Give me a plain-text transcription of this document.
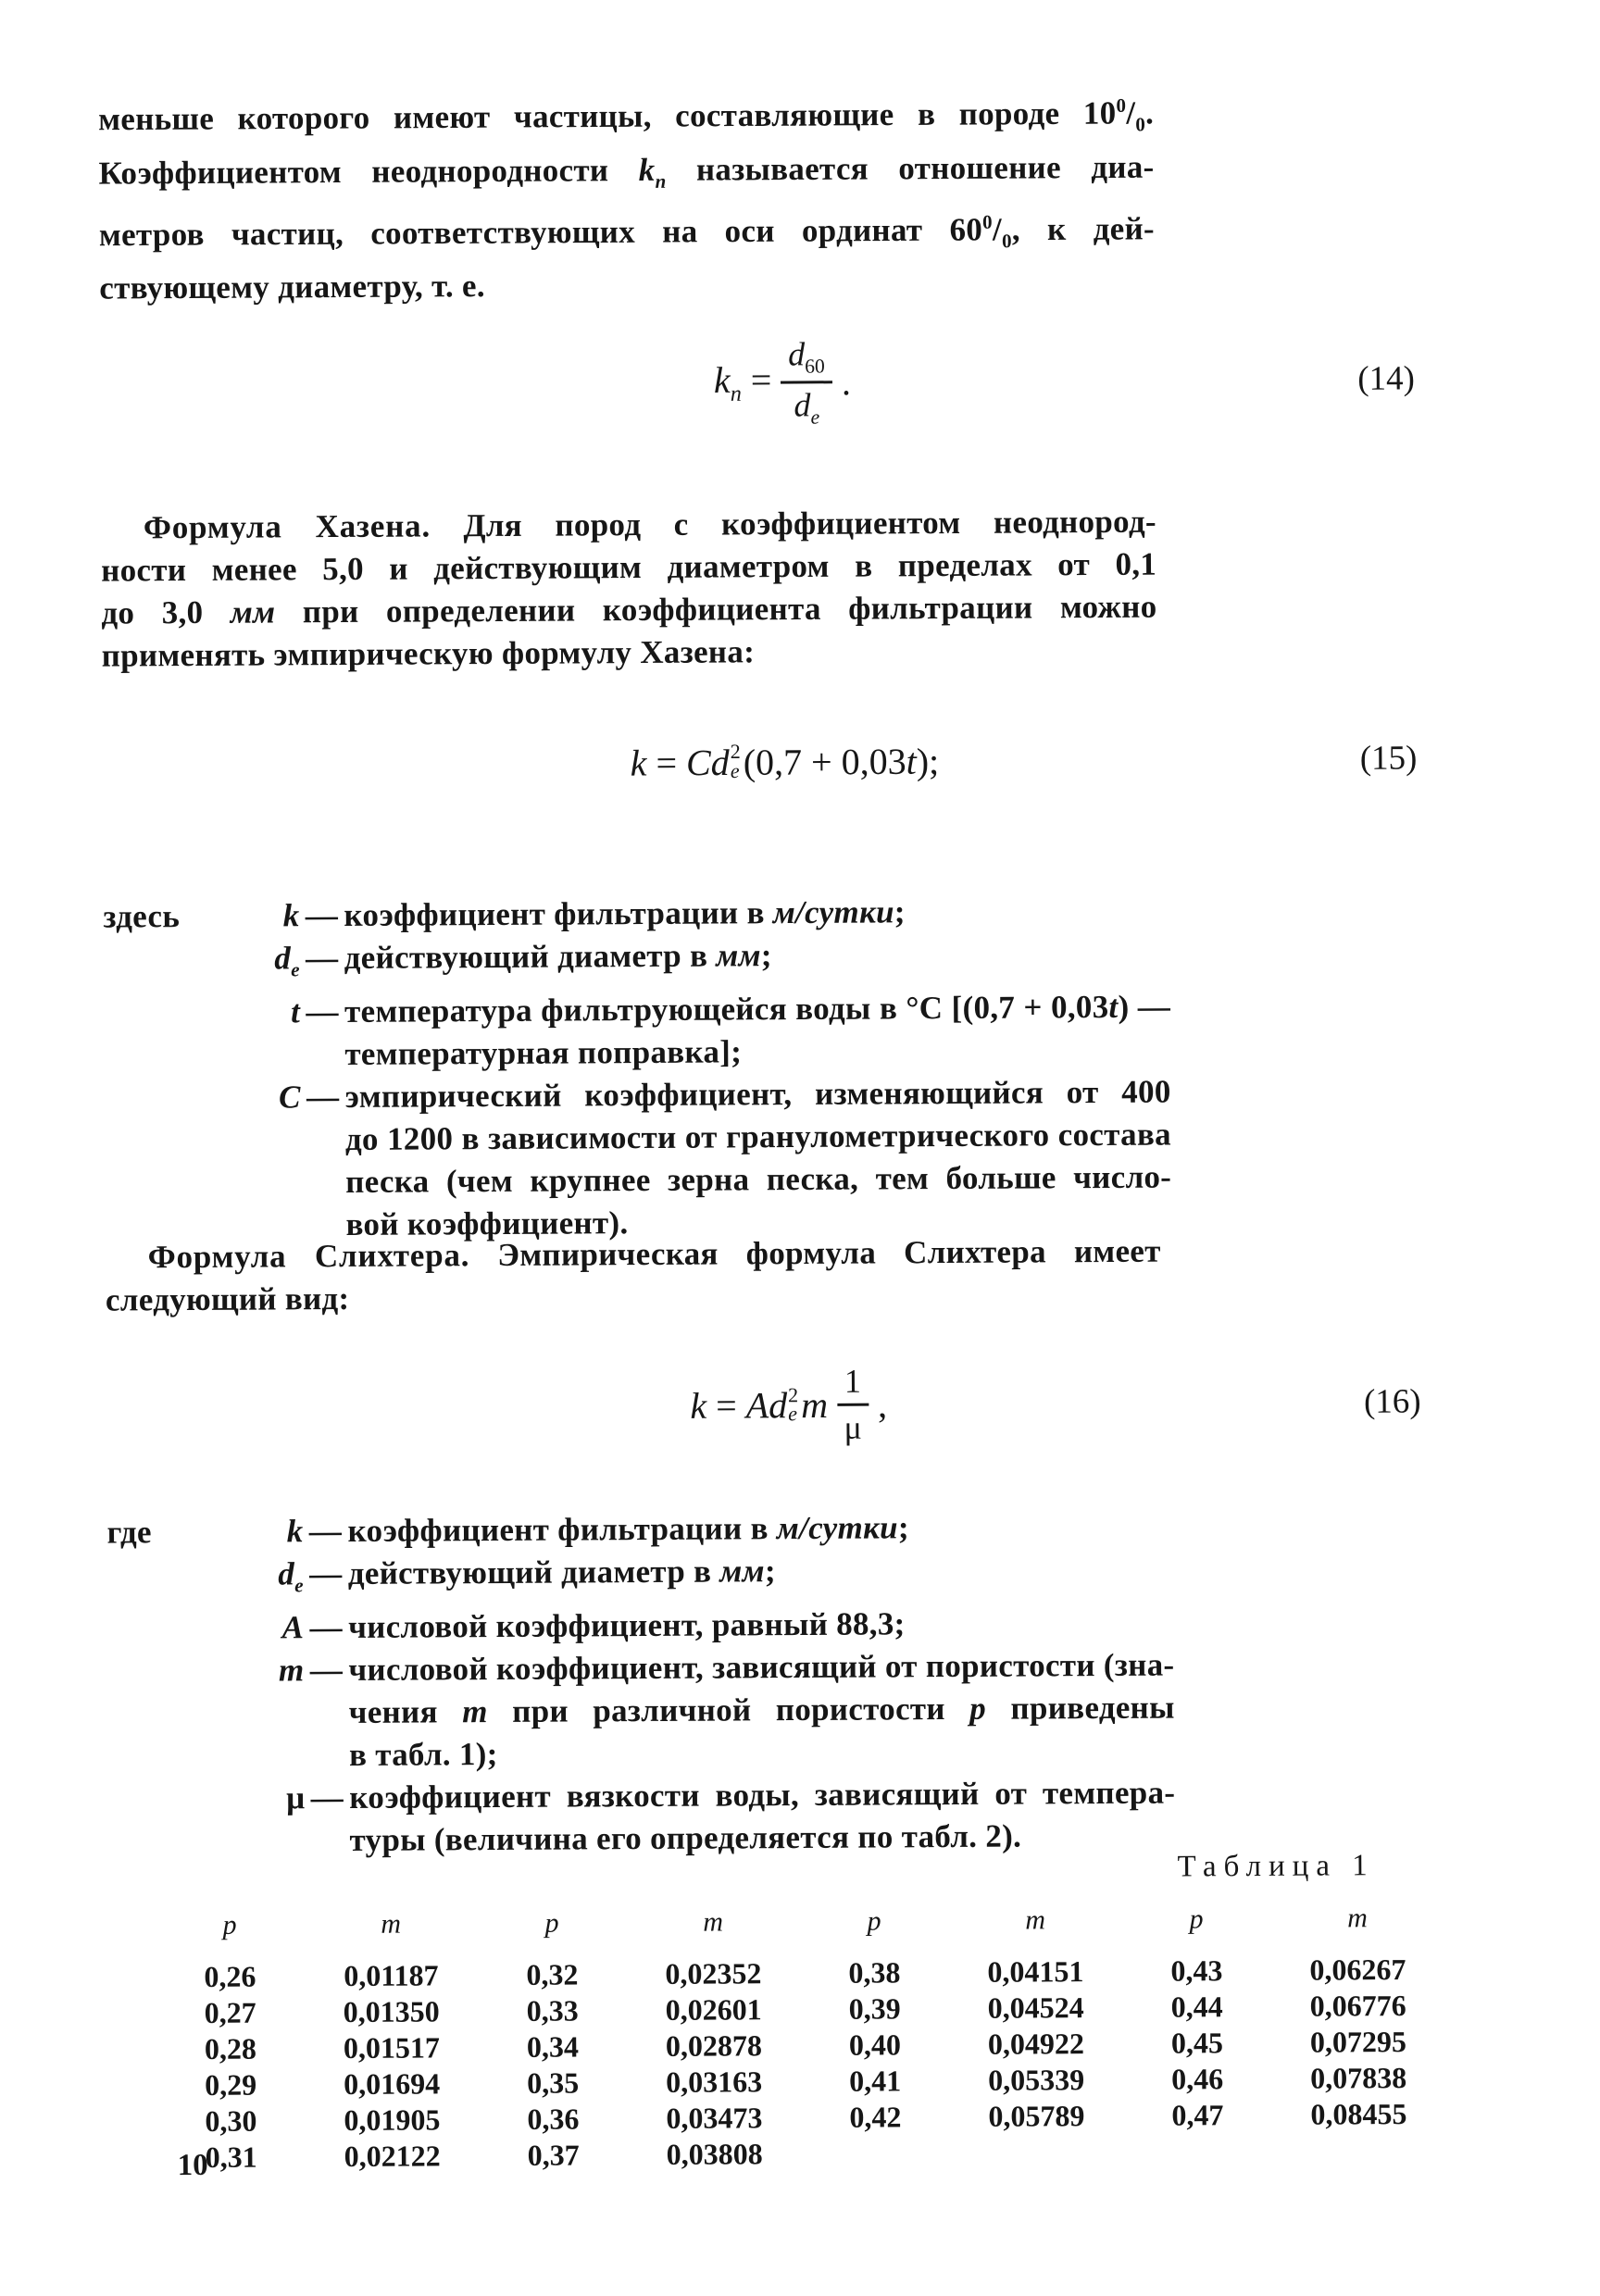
меньше которого имеют частицы, составляющие в породе $10^0/_0$.
Коэффициентом неоднородности $k_n$ называется отношение диа-
метров частиц, соответствующих на оси ординат $60^0/_0$, к дей-
ствующему диаметру, т. е.
$k_n = \frac{d_{60}}{d_e}$ .	(14)
Формула Хазена. Для пород с коэффициентом неоднород-
ности менее 5,0 и действующим диаметром в пределах от 0,1
до 3,0 мм при определении коэффициента фильтрации можно
применять эмпирическую формулу Хазена:
k = Cd 2
e (0,7 + 0,03t);	(15)
здесь	k — коэффициент фильтрации в м/сутки;
$d_e$ — действующий диаметр в мм;
t — температура фильтрующейся воды в °С [(0,7 + 0,03t) —
температурная поправка];
C — эмпирический коэффициент, изменяющийся от 400
до 1200 в зависимости от гранулометрического состава
песка (чем крупнее зерна песка, тем больше число-
вой коэффициент).
Формула Слихтера. Эмпирическая формула Слихтера имеет
следующий вид:
k = Ad 2
e m $\frac{1}{\mu}$ ,	(16)
где	k — коэффициент фильтрации в м/сутки;
$d_e$ — действующий диаметр в мм;
A — числовой коэффициент, равный 88,3;
m — числовой коэффициент, зависящий от пористости (зна-
чения m при различной пористости p приведены
в табл. 1);
μ — коэффициент вязкости воды, зависящий от темпера-
туры (величина его определяется по табл. 2).
Таблица 1
p	m	p	m	p	m	p	m
0,26	0,01187	0,32	0,02352	0,38	0,04151	0,43	0,06267
0,27	0,01350	0,33	0,02601	0,39	0,04524	0,44	0,06776
0,28	0,01517	0,34	0,02878	0,40	0,04922	0,45	0,07295
0,29	0,01694	0,35	0,03163	0,41	0,05339	0,46	0,07838
0,30	0,01905	0,36	0,03473	0,42	0,05789	0,47	0,08455
0,31	0,02122	0,37	0,03808
10
